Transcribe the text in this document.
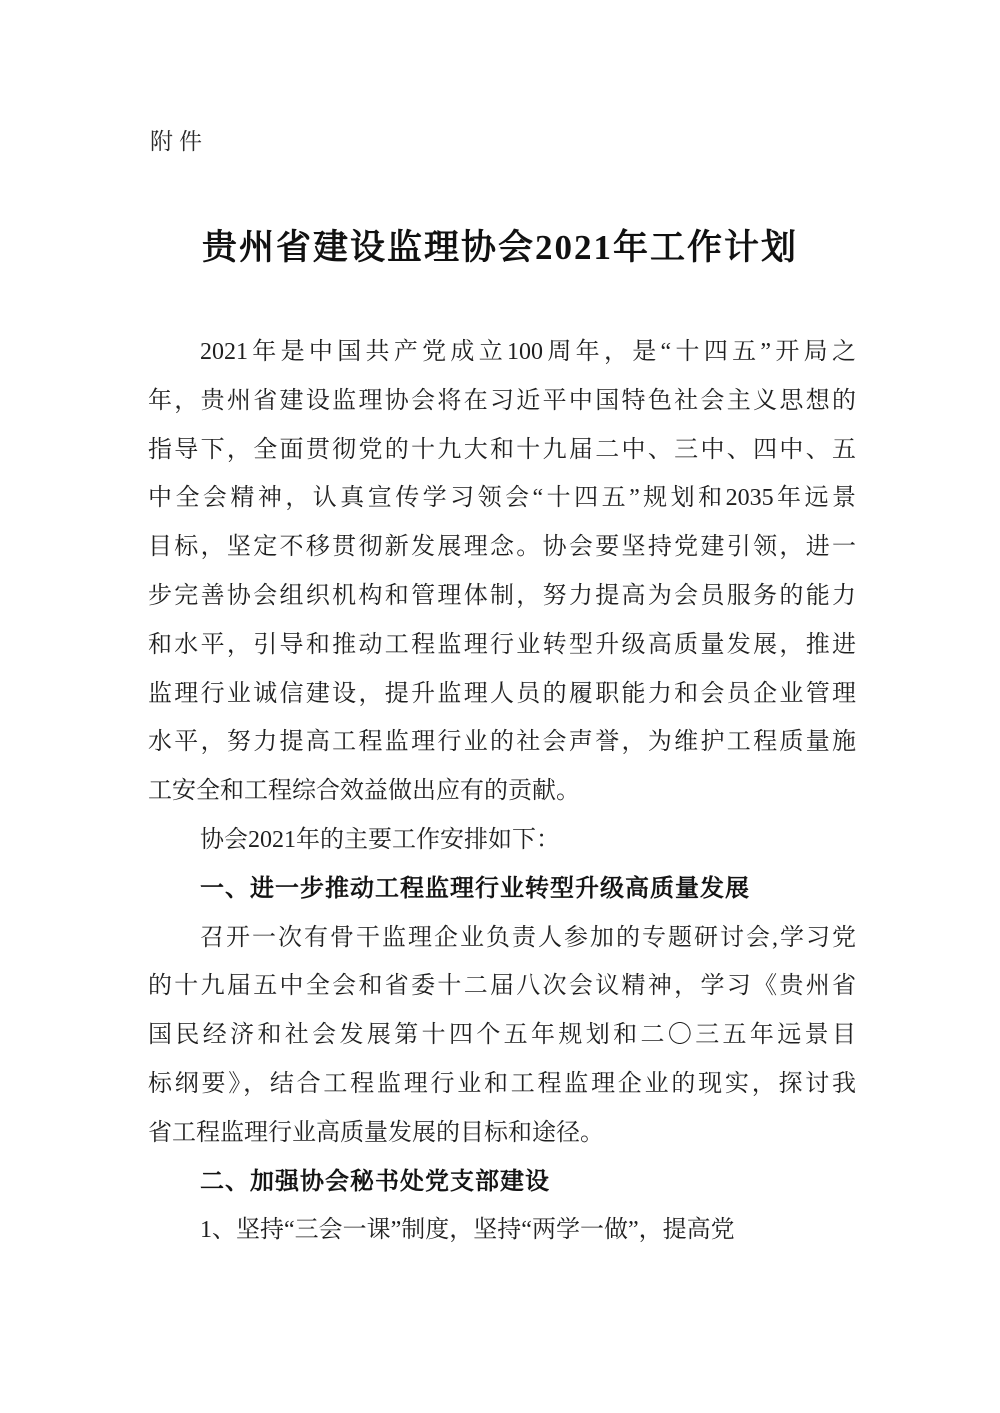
附件
贵州省建设监理协会2021年工作计划
2021年是中国共产党成立100周年，是“十四五”开局之
年，贵州省建设监理协会将在习近平中国特色社会主义思想的
指导下，全面贯彻党的十九大和十九届二中、三中、四中、五
中全会精神，认真宣传学习领会“十四五”规划和2035年远景
目标，坚定不移贯彻新发展理念。协会要坚持党建引领，进一
步完善协会组织机构和管理体制，努力提高为会员服务的能力
和水平，引导和推动工程监理行业转型升级高质量发展，推进
监理行业诚信建设，提升监理人员的履职能力和会员企业管理
水平，努力提高工程监理行业的社会声誉，为维护工程质量施
工安全和工程综合效益做出应有的贡献。
协会2021年的主要工作安排如下：
一、进一步推动工程监理行业转型升级高质量发展
召开一次有骨干监理企业负责人参加的专题研讨会,学习党
的十九届五中全会和省委十二届八次会议精神，学习《贵州省
国民经济和社会发展第十四个五年规划和二〇三五年远景目
标纲要》，结合工程监理行业和工程监理企业的现实，探讨我
省工程监理行业高质量发展的目标和途径。
二、加强协会秘书处党支部建设
1、坚持“三会一课”制度，坚持“两学一做”，提高党
